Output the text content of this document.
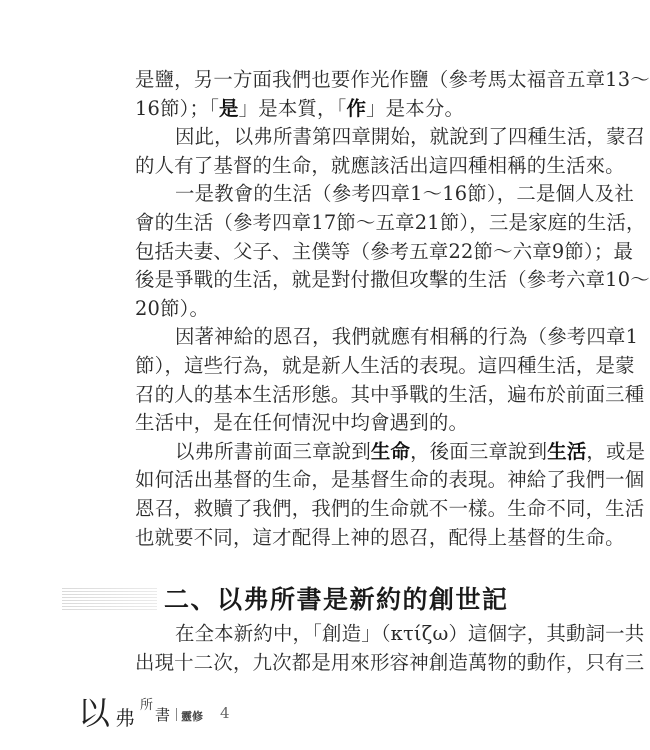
是鹽，另一方面我們也要作光作鹽（參考馬太福音五章13～
16節）；「是」是本質，「作」是本分。
因此，以弗所書第四章開始，就說到了四種生活，蒙召
的人有了基督的生命，就應該活出這四種相稱的生活來。
一是教會的生活（參考四章1～16節），二是個人及社
會的生活（參考四章17節～五章21節），三是家庭的生活，
包括夫妻、父子、主僕等（參考五章22節～六章9節）；最
後是爭戰的生活，就是對付撒但攻擊的生活（參考六章10～
20節）。
因著神給的恩召，我們就應有相稱的行為（參考四章1
節），這些行為，就是新人生活的表現。這四種生活，是蒙
召的人的基本生活形態。其中爭戰的生活，遍布於前面三種
生活中，是在任何情況中均會遇到的。
以弗所書前面三章說到生命，後面三章說到生活，或是
如何活出基督的生命，是基督生命的表現。神給了我們一個
恩召，救贖了我們，我們的生命就不一樣。生命不同，生活
也就要不同，這才配得上神的恩召，配得上基督的生命。
二、以弗所書是新約的創世記
在全本新約中，「創造」（κτίζω）這個字，其動詞一共
出現十二次，九次都是用來形容神創造萬物的動作，只有三
以 弗
所
書 靈修 4
